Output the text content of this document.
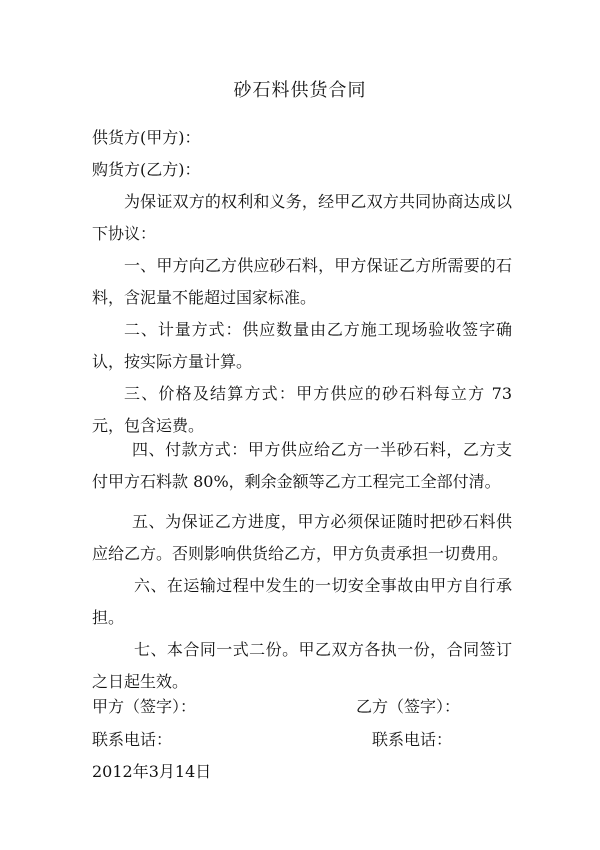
砂石料供货合同
供货方(甲方)：
购货方(乙方)：
为保证双方的权利和义务，经甲乙双方共同协商达成以下协议：
一、甲方向乙方供应砂石料，甲方保证乙方所需要的石料，含泥量不能超过国家标准。
二、计量方式：供应数量由乙方施工现场验收签字确认，按实际方量计算。
三、价格及结算方式：甲方供应的砂石料每立方 73 元，包含运费。
四、付款方式：甲方供应给乙方一半砂石料，乙方支付甲方石料款 80%，剩余金额等乙方工程完工全部付清。
五、为保证乙方进度，甲方必须保证随时把砂石料供应给乙方。否则影响供货给乙方，甲方负责承担一切费用。
六、在运输过程中发生的一切安全事故由甲方自行承担。
七、本合同一式二份。甲乙双方各执一份，合同签订之日起生效。
甲方（签字）：	乙方（签字）：
联系电话：	联系电话：
2012年3月14日
